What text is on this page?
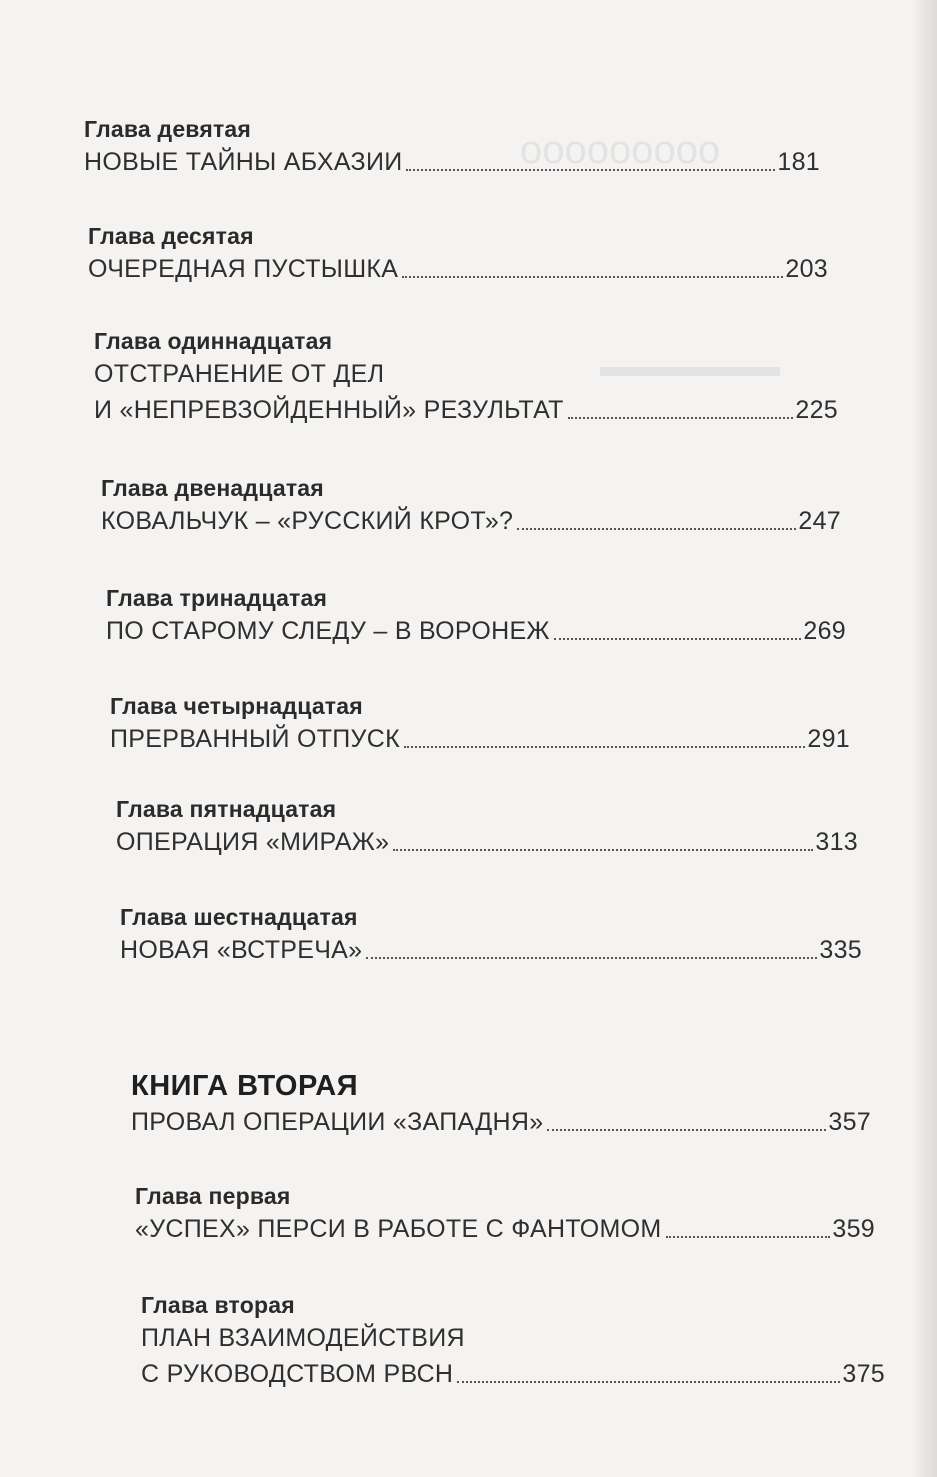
ооооооооо
▬▬▬▬▬▬
Глава девятая
НОВЫЕ ТАЙНЫ АБХАЗИИ	181
Глава десятая
ОЧЕРЕДНАЯ ПУСТЫШКА	203
Глава одиннадцатая
ОТСТРАНЕНИЕ ОТ ДЕЛ
И «НЕПРЕВЗОЙДЕННЫЙ» РЕЗУЛЬТАТ	225
Глава двенадцатая
КОВАЛЬЧУК – «РУССКИЙ КРОТ»?	247
Глава тринадцатая
ПО СТАРОМУ СЛЕДУ – В ВОРОНЕЖ	269
Глава четырнадцатая
ПРЕРВАННЫЙ ОТПУСК	291
Глава пятнадцатая
ОПЕРАЦИЯ «МИРАЖ»	313
Глава шестнадцатая
НОВАЯ «ВСТРЕЧА»	335
КНИГА ВТОРАЯ
ПРОВАЛ ОПЕРАЦИИ «ЗАПАДНЯ»	357
Глава первая
«УСПЕХ» ПЕРСИ В РАБОТЕ С ФАНТОМОМ	359
Глава вторая
ПЛАН ВЗАИМОДЕЙСТВИЯ
С РУКОВОДСТВОМ РВСН	375
